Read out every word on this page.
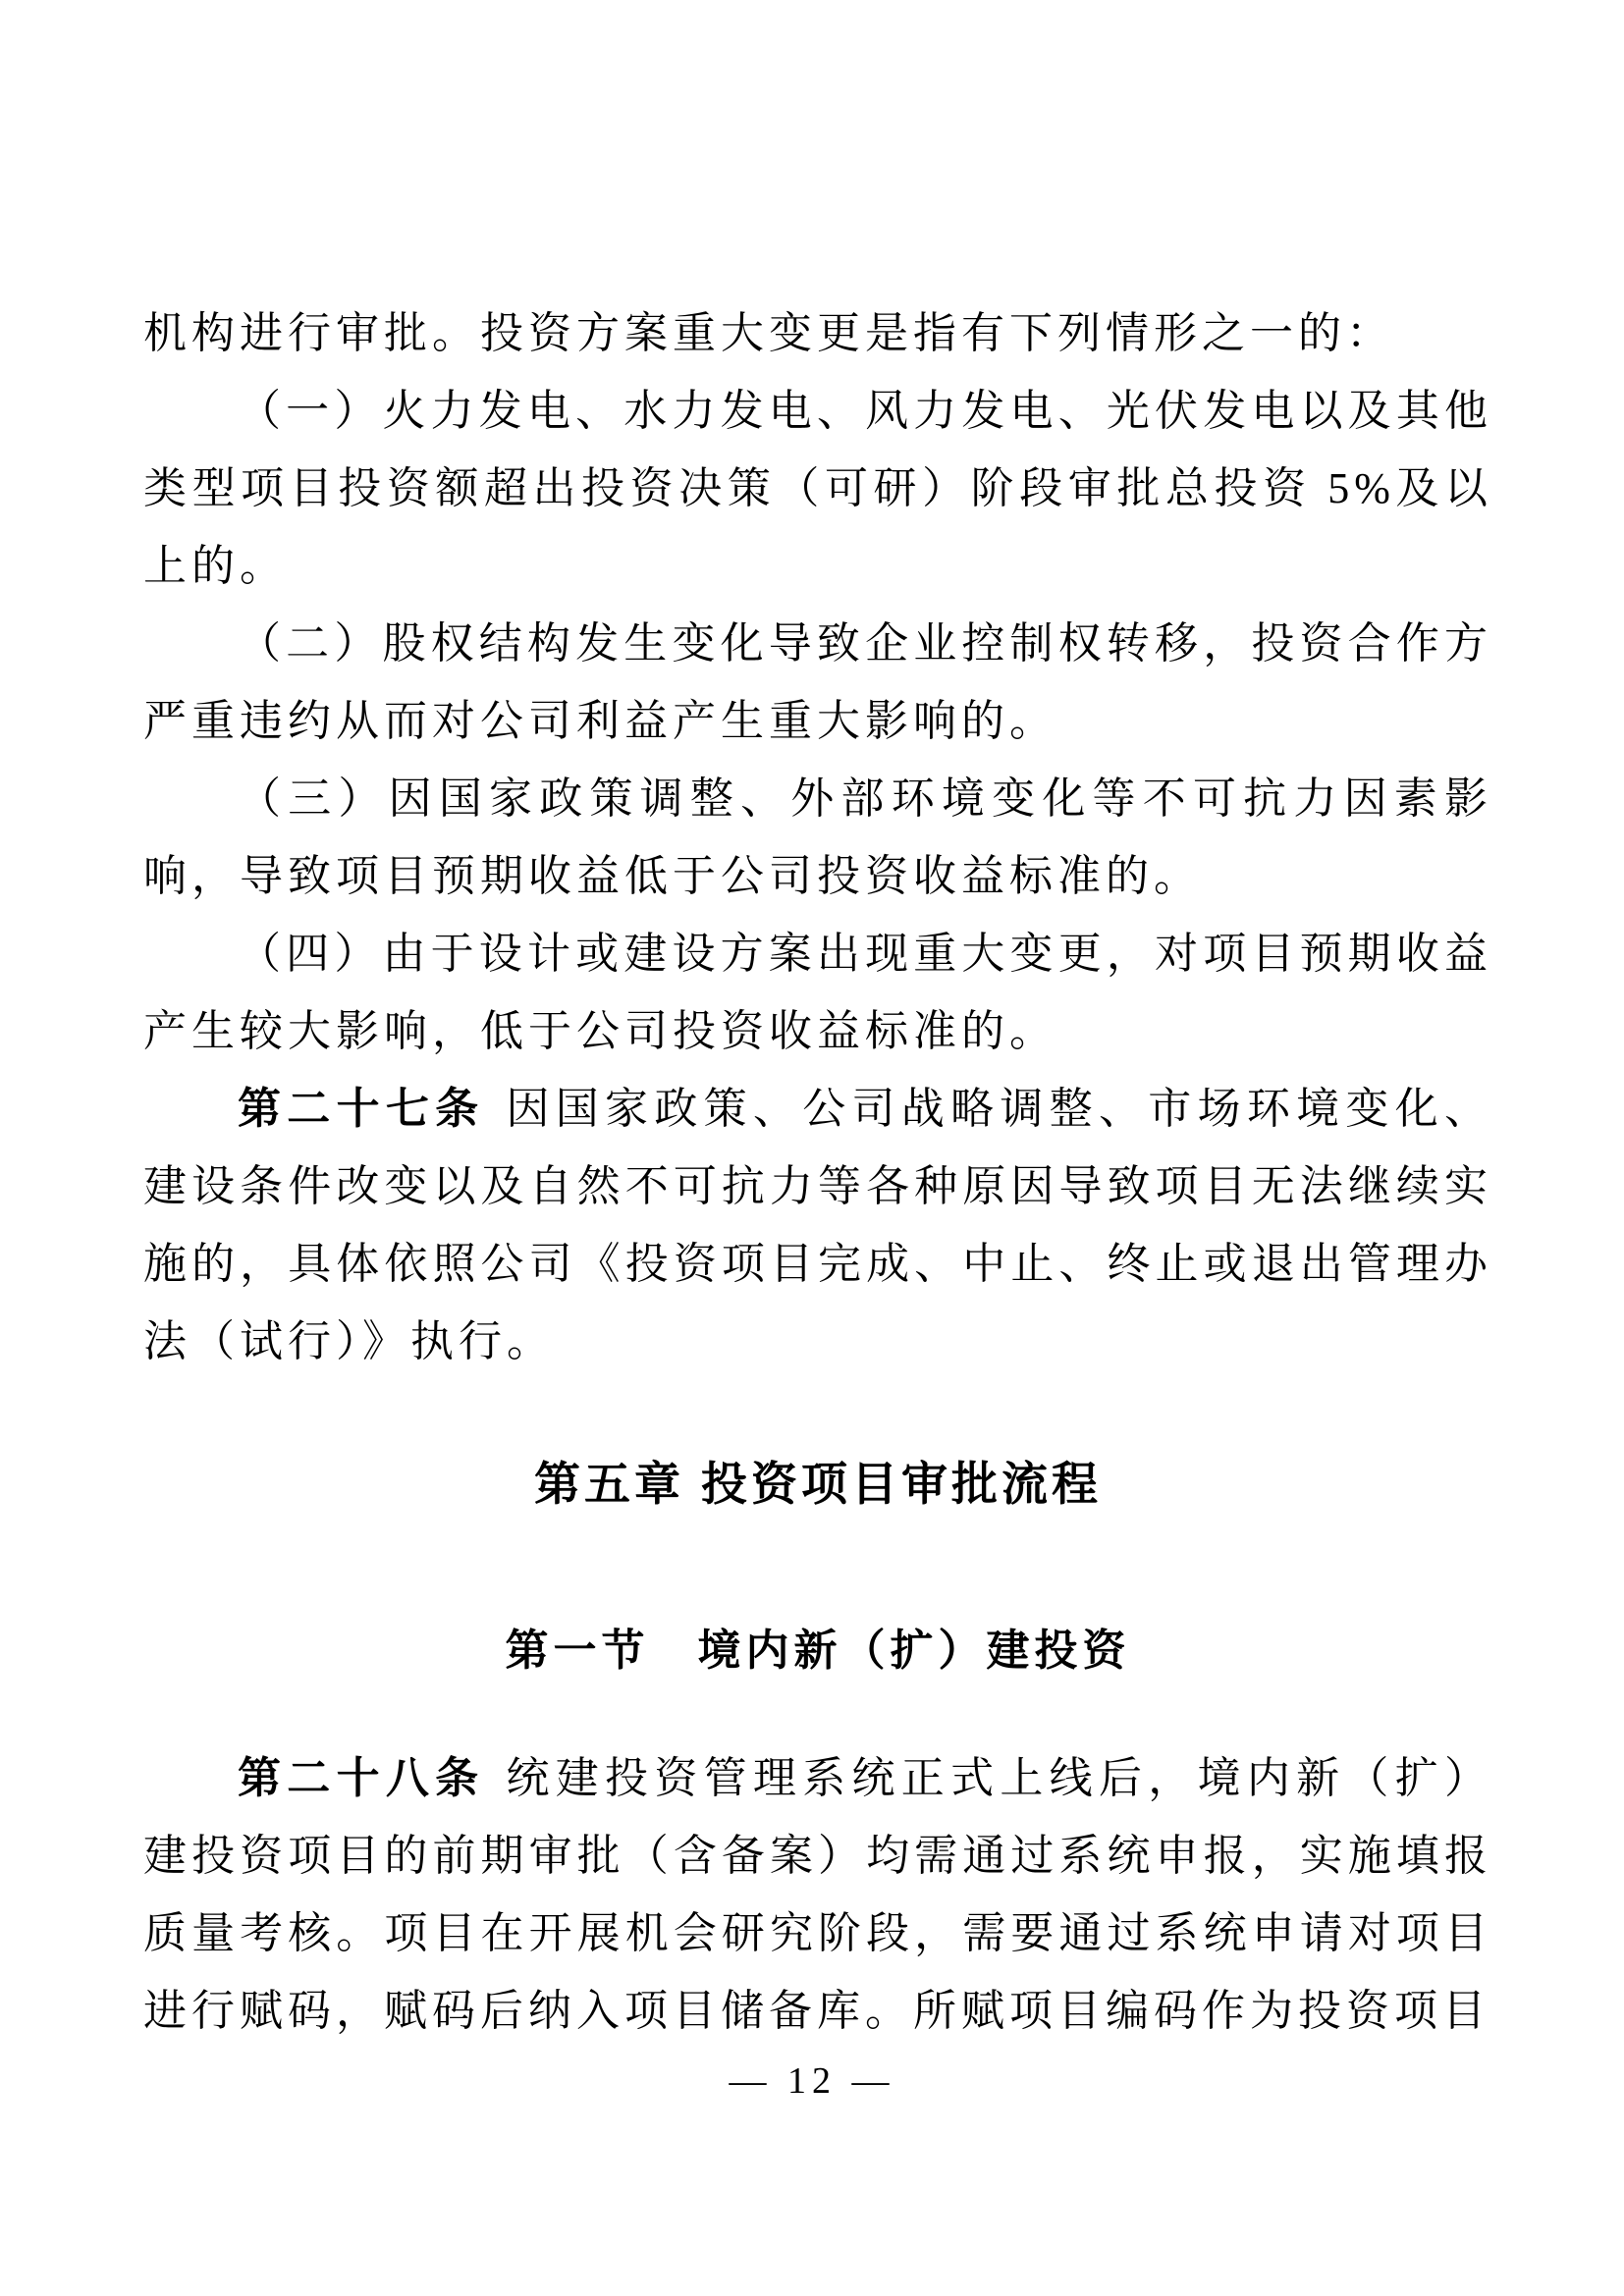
机构进行审批。投资方案重大变更是指有下列情形之一的：

（一）火力发电、水力发电、风力发电、光伏发电以及其他类型项目投资额超出投资决策（可研）阶段审批总投资 5%及以上的。

（二）股权结构发生变化导致企业控制权转移，投资合作方严重违约从而对公司利益产生重大影响的。

（三）因国家政策调整、外部环境变化等不可抗力因素影响，导致项目预期收益低于公司投资收益标准的。

（四）由于设计或建设方案出现重大变更，对项目预期收益产生较大影响，低于公司投资收益标准的。

第二十七条 因国家政策、公司战略调整、市场环境变化、建设条件改变以及自然不可抗力等各种原因导致项目无法继续实施的，具体依照公司《投资项目完成、中止、终止或退出管理办法（试行）》执行。

第五章 投资项目审批流程
第一节　境内新（扩）建投资

第二十八条 统建投资管理系统正式上线后，境内新（扩）建投资项目的前期审批（含备案）均需通过系统申报，实施填报质量考核。项目在开展机会研究阶段，需要通过系统申请对项目进行赋码，赋码后纳入项目储备库。所赋项目编码作为投资项目

— 12 —
